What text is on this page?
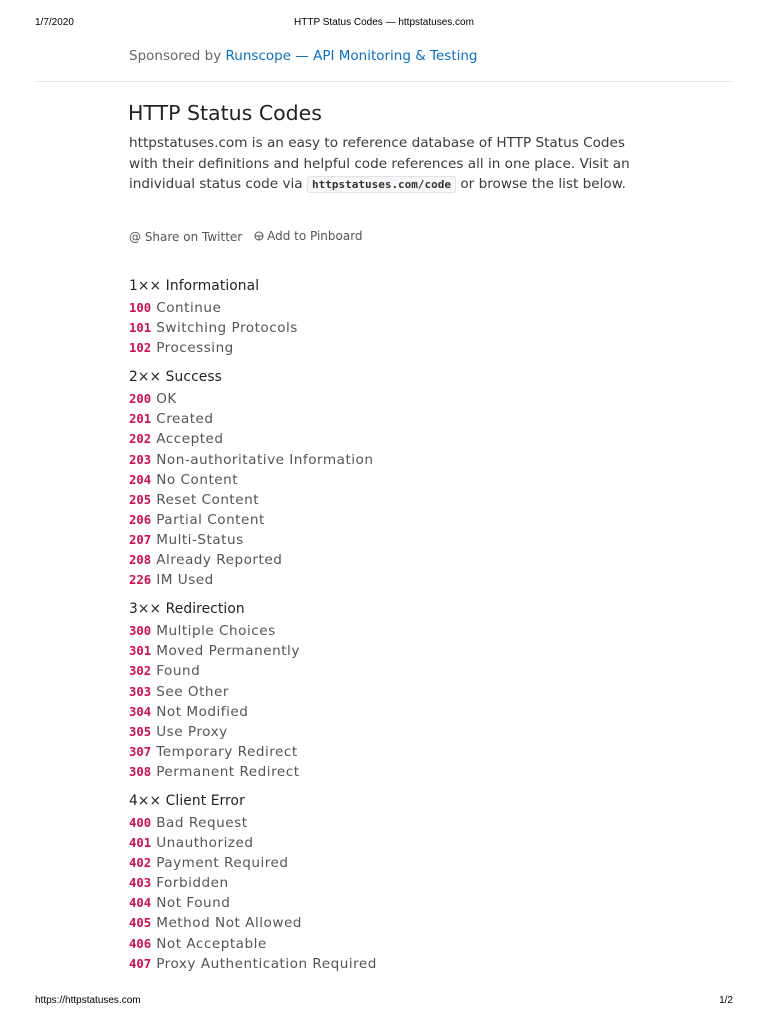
1/7/2020	HTTP Status Codes — httpstatuses.com
Sponsored by Runscope — API Monitoring & Testing
HTTP Status Codes

httpstatuses.com is an easy to reference database of HTTP Status Codes with their definitions and helpful code references all in one place. Visit an individual status code via httpstatuses.com/code or browse the list below.

@ Share on Twitter
Add to Pinboard
1×× Informational
100 Continue
101 Switching Protocols
102 Processing
2×× Success
200 OK
201 Created
202 Accepted
203 Non-authoritative Information
204 No Content
205 Reset Content
206 Partial Content
207 Multi-Status
208 Already Reported
226 IM Used
3×× Redirection
300 Multiple Choices
301 Moved Permanently
302 Found
303 See Other
304 Not Modified
305 Use Proxy
307 Temporary Redirect
308 Permanent Redirect
4×× Client Error
400 Bad Request
401 Unauthorized
402 Payment Required
403 Forbidden
404 Not Found
405 Method Not Allowed
406 Not Acceptable
407 Proxy Authentication Required
https://httpstatuses.com	1/2
